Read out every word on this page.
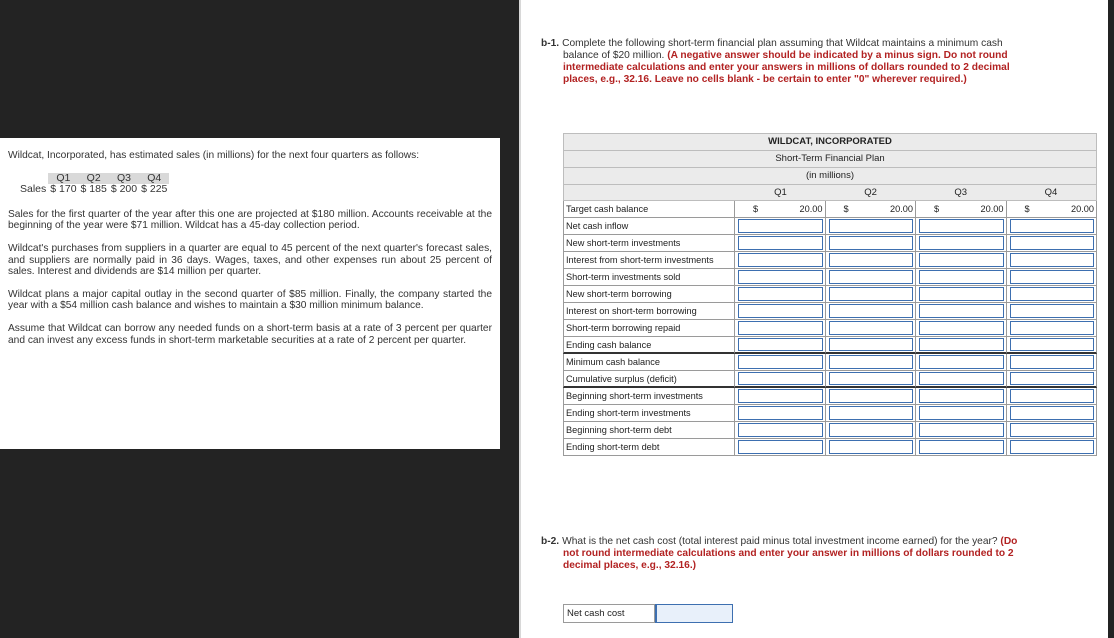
Wildcat, Incorporated, has estimated sales (in millions) for the next four quarters as follows:

	Q1	Q2	Q3	Q4
Sales	$ 170	$ 185	$ 200	$ 225

Sales for the first quarter of the year after this one are projected at $180 million. Accounts receivable at the beginning of the year were $71 million. Wildcat has a 45-day collection period.

Wildcat's purchases from suppliers in a quarter are equal to 45 percent of the next quarter's forecast sales, and suppliers are normally paid in 36 days. Wages, taxes, and other expenses run about 25 percent of sales. Interest and dividends are $14 million per quarter.

Wildcat plans a major capital outlay in the second quarter of $85 million. Finally, the company started the year with a $54 million cash balance and wishes to maintain a $30 million minimum balance.

Assume that Wildcat can borrow any needed funds on a short-term basis at a rate of 3 percent per quarter and can invest any excess funds in short-term marketable securities at a rate of 2 percent per quarter.

b-1. Complete the following short-term financial plan assuming that Wildcat maintains a minimum cash balance of $20 million. (A negative answer should be indicated by a minus sign. Do not round intermediate calculations and enter your answers in millions of dollars rounded to 2 decimal places, e.g., 32.16. Leave no cells blank - be certain to enter "0" wherever required.)
WILDCAT, INCORPORATED
Short-Term Financial Plan
(in millions)
Q1	Q2	Q3	Q4
Target cash balance	$	20.00 $	20.00 $	20.00 $	20.00
Net cash inflow
New short-term investments
Interest from short-term investments
Short-term investments sold
New short-term borrowing
Interest on short-term borrowing
Short-term borrowing repaid
Ending cash balance
Minimum cash balance
Cumulative surplus (deficit)
Beginning short-term investments
Ending short-term investments
Beginning short-term debt
Ending short-term debt
b-2. What is the net cash cost (total interest paid minus total investment income earned) for the year? (Do not round intermediate calculations and enter your answer in millions of dollars rounded to 2 decimal places, e.g., 32.16.)
Net cash cost
